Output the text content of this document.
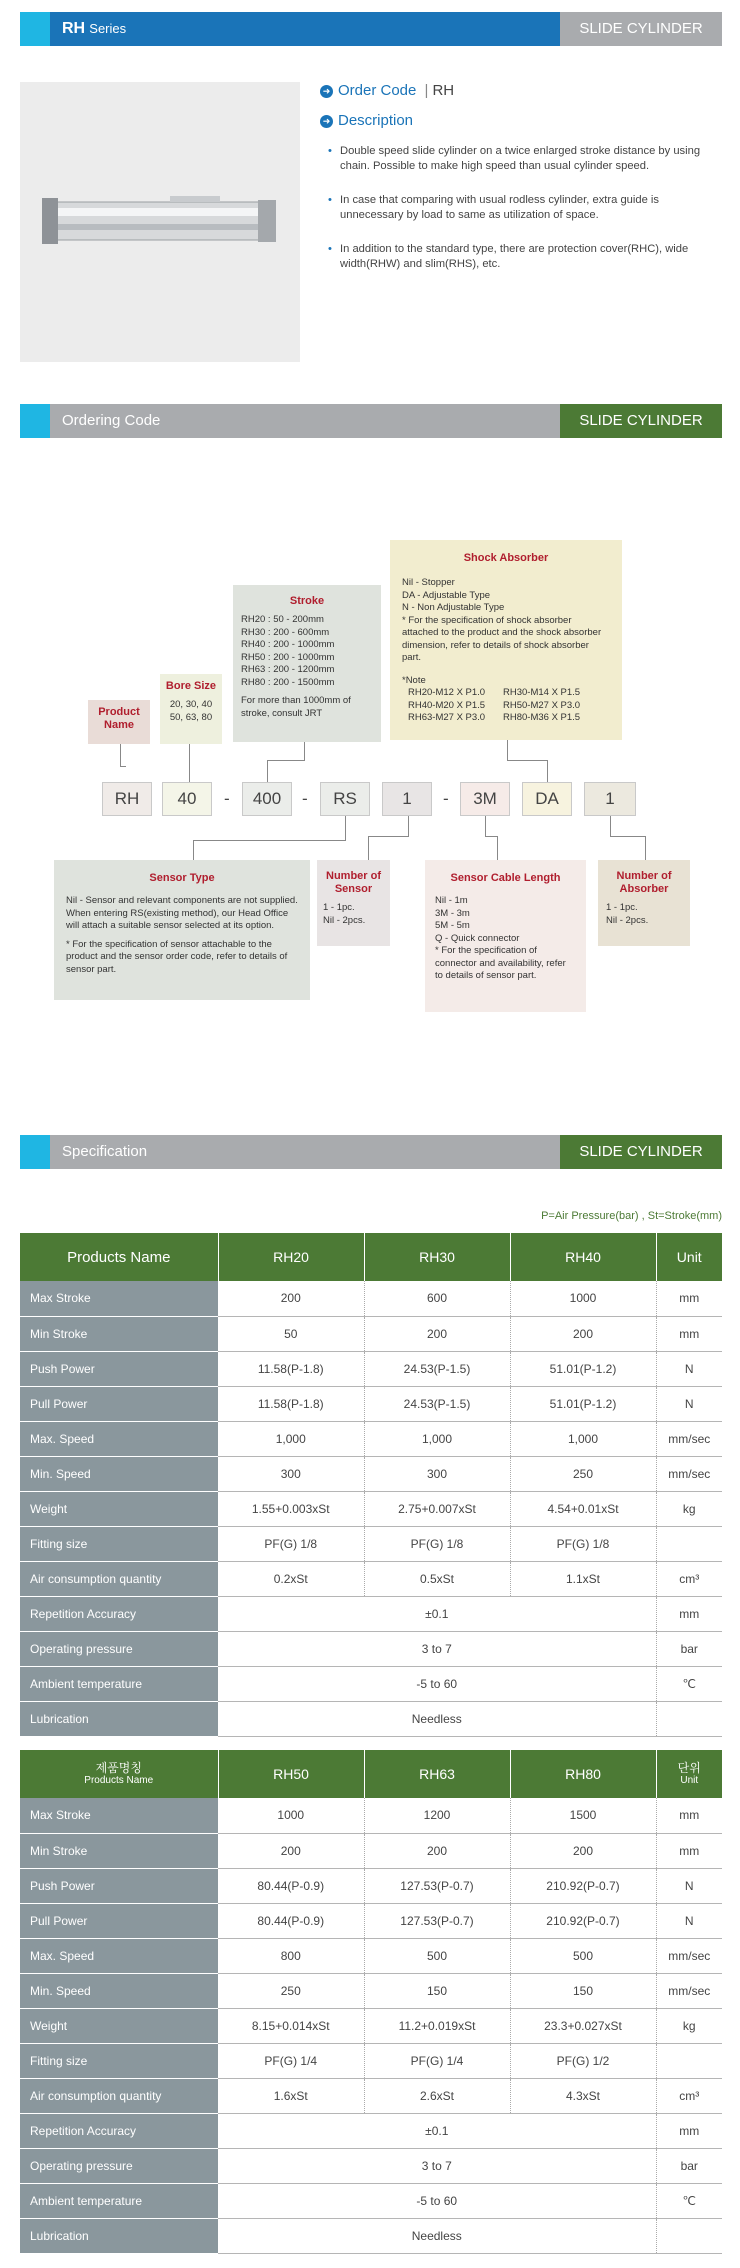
RH Series	SLIDE CYLINDER
➜ Order Code | RH
➜ Description
• Double speed slide cylinder on a twice enlarged stroke distance by using chain. Possible to make high speed than usual cylinder speed.
• In case that comparing with usual rodless cylinder, extra guide is unnecessary by load to same as utilization of space.
• In addition to the standard type, there are protection cover(RHC), wide width(RHW) and slim(RHS), etc.
Ordering Code	SLIDE CYLINDER
Product Name
Bore Size
20, 30, 40
50, 63, 80
Stroke
RH20 : 50 - 200mm
RH30 : 200 - 600mm
RH40 : 200 - 1000mm
RH50 : 200 - 1000mm
RH63 : 200 - 1200mm
RH80 : 200 - 1500mm
For more than 1000mm of stroke, consult JRT
Shock Absorber
Nil - Stopper
DA - Adjustable Type
N - Non Adjustable Type
* For the specification of shock absorber attached to the product and the shock absorber dimension, refer to details of shock absorber part.
*Note
RH20-M12 X P1.0
RH40-M20 X P1.5
RH63-M27 X P3.0
RH30-M14 X P1.5
RH50-M27 X P3.0
RH80-M36 X P1.5
RH	40	-	400	-	RS	1	-	3M	DA	1
Sensor Type
Nil - Sensor and relevant components are not supplied. When entering RS(existing method), our Head Office will attach a suitable sensor selected at its option.
* For the specification of sensor attachable to the product and the sensor order code, refer to details of sensor part.
Number of Sensor
1 - 1pc.
Nil - 2pcs.
Sensor Cable Length
Nil - 1m
3M - 3m
5M - 5m
Q - Quick connector
* For the specification of connector and availability, refer to details of sensor part.
Number of Absorber
1 - 1pc.
Nil - 2pcs.
Specification	SLIDE CYLINDER
P=Air Pressure(bar) , St=Stroke(mm)
Products Name	RH20	RH30	RH40	Unit
Max Stroke	200	600	1000	mm
Min Stroke	50	200	200	mm
Push Power	11.58(P-1.8)	24.53(P-1.5)	51.01(P-1.2)	N
Pull Power	11.58(P-1.8)	24.53(P-1.5)	51.01(P-1.2)	N
Max. Speed	1,000	1,000	1,000	mm/sec
Min. Speed	300	300	250	mm/sec
Weight	1.55+0.003xSt	2.75+0.007xSt	4.54+0.01xSt	kg
Fitting size	PF(G) 1/8	PF(G) 1/8	PF(G) 1/8	
Air consumption quantity	0.2xSt	0.5xSt	1.1xSt	cm³
Repetition Accuracy	±0.1			mm
Operating pressure	3 to 7			bar
Ambient temperature	-5 to 60			℃
Lubrication	Needless			
제품명칭
Products Name	RH50	RH63	RH80	단위
Unit

Max Stroke	1000	1200	1500	mm
Min Stroke	200	200	200	mm
Push Power	80.44(P-0.9)	127.53(P-0.7)	210.92(P-0.7)	N
Pull Power	80.44(P-0.9)	127.53(P-0.7)	210.92(P-0.7)	N
Max. Speed	800	500	500	mm/sec
Min. Speed	250	150	150	mm/sec
Weight	8.15+0.014xSt	11.2+0.019xSt	23.3+0.027xSt	kg
Fitting size	PF(G) 1/4	PF(G) 1/4	PF(G) 1/2	
Air consumption quantity	1.6xSt	2.6xSt	4.3xSt	cm³
Repetition Accuracy	±0.1			mm
Operating pressure	3 to 7			bar
Ambient temperature	-5 to 60			℃
Lubrication	Needless			
